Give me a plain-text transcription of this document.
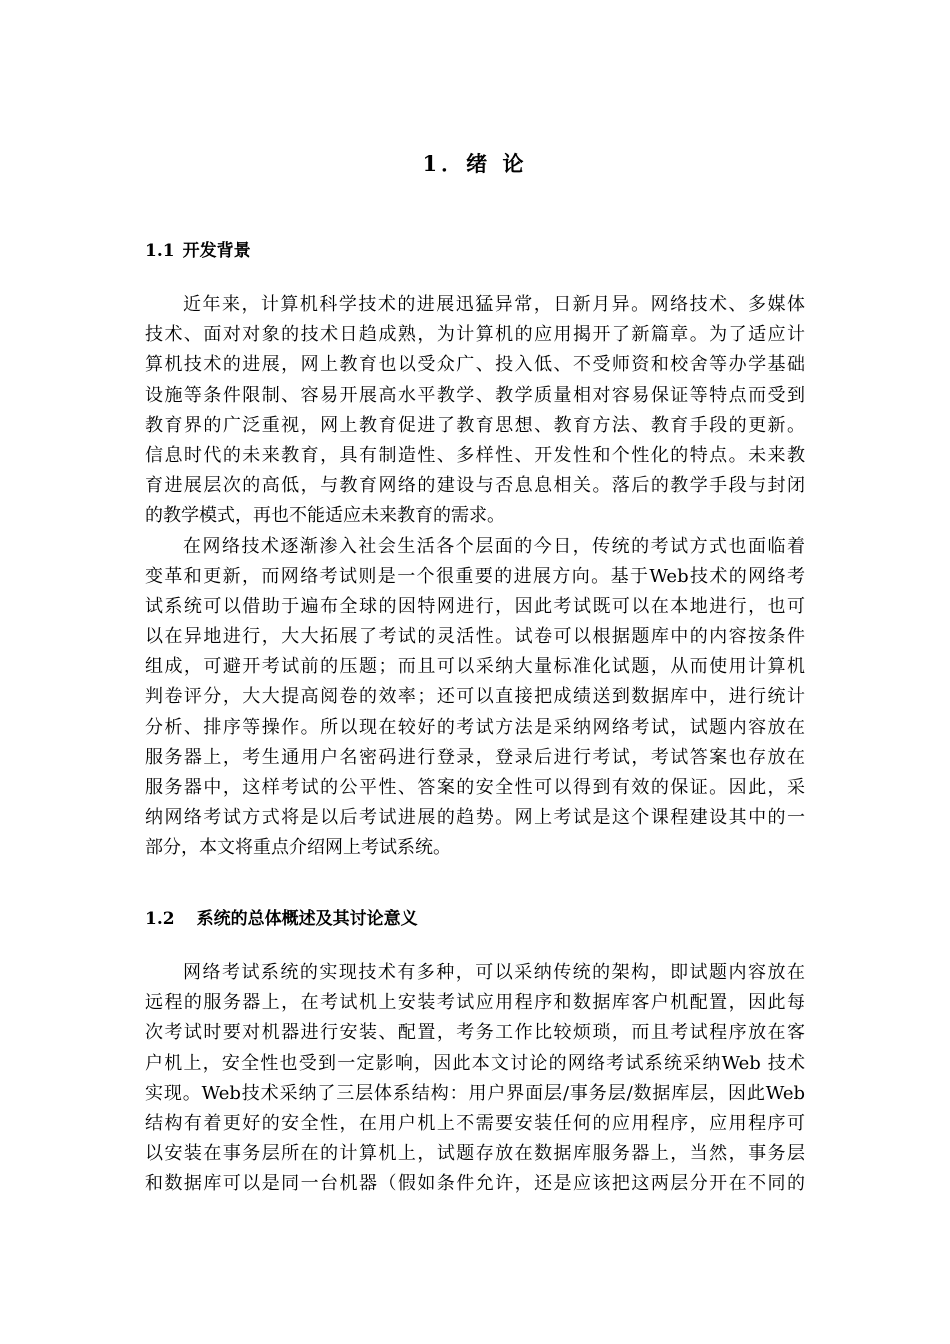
1．绪 论
1.1 开发背景
近年来，计算机科学技术的进展迅猛异常，日新月异。网络技术、多媒体
技术、面对对象的技术日趋成熟，为计算机的应用揭开了新篇章。为了适应计
算机技术的进展，网上教育也以受众广、投入低、不受师资和校舍等办学基础
设施等条件限制、容易开展高水平教学、教学质量相对容易保证等特点而受到
教育界的广泛重视，网上教育促进了教育思想、教育方法、教育手段的更新。
信息时代的未来教育，具有制造性、多样性、开发性和个性化的特点。未来教
育进展层次的高低，与教育网络的建设与否息息相关。落后的教学手段与封闭
的教学模式，再也不能适应未来教育的需求。
在网络技术逐渐渗入社会生活各个层面的今日，传统的考试方式也面临着
变革和更新，而网络考试则是一个很重要的进展方向。基于Web技术的网络考
试系统可以借助于遍布全球的因特网进行，因此考试既可以在本地进行，也可
以在异地进行，大大拓展了考试的灵活性。试卷可以根据题库中的内容按条件
组成，可避开考试前的压题；而且可以采纳大量标准化试题，从而使用计算机
判卷评分，大大提高阅卷的效率；还可以直接把成绩送到数据库中，进行统计
分析、排序等操作。所以现在较好的考试方法是采纳网络考试，试题内容放在
服务器上，考生通用户名密码进行登录，登录后进行考试，考试答案也存放在
服务器中，这样考试的公平性、答案的安全性可以得到有效的保证。因此，采
纳网络考试方式将是以后考试进展的趋势。网上考试是这个课程建设其中的一
部分，本文将重点介绍网上考试系统。
1.2 系统的总体概述及其讨论意义
网络考试系统的实现技术有多种，可以采纳传统的架构，即试题内容放在
远程的服务器上，在考试机上安装考试应用程序和数据库客户机配置，因此每
次考试时要对机器进行安装、配置，考务工作比较烦琐，而且考试程序放在客
户机上，安全性也受到一定影响，因此本文讨论的网络考试系统采纳Web 技术
实现。Web技术采纳了三层体系结构：用户界面层/事务层/数据库层，因此Web
结构有着更好的安全性，在用户机上不需要安装任何的应用程序，应用程序可
以安装在事务层所在的计算机上，试题存放在数据库服务器上，当然，事务层
和数据库可以是同一台机器（假如条件允许，还是应该把这两层分开在不同的
